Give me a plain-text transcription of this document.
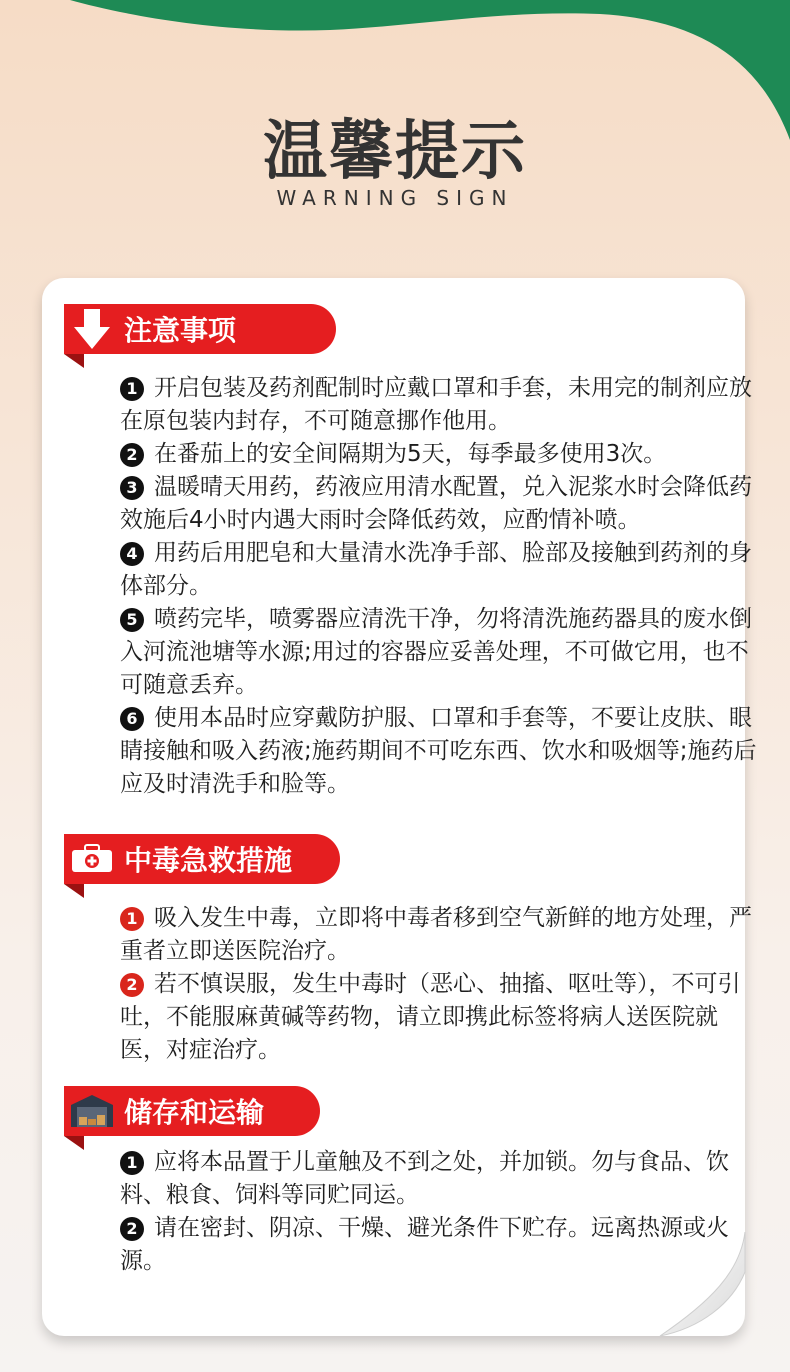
温馨提示
WARNING SIGN
注意事项

1 开启包装及药剂配制时应戴口罩和手套，未用完的制剂应放在原包装内封存，不可随意挪作他用。

2 在番茄上的安全间隔期为5天，每季最多使用3次。

3 温暖晴天用药，药液应用清水配置，兑入泥浆水时会降低药效施后4小时内遇大雨时会降低药效，应酌情补喷。

4 用药后用肥皂和大量清水洗净手部、脸部及接触到药剂的身体部分。

5 喷药完毕，喷雾器应清洗干净，勿将清洗施药器具的废水倒入河流池塘等水源;用过的容器应妥善处理，不可做它用，也不可随意丢弃。

6 使用本品时应穿戴防护服、口罩和手套等，不要让皮肤、眼睛接触和吸入药液;施药期间不可吃东西、饮水和吸烟等;施药后应及时清洗手和脸等。

中毒急救措施

1 吸入发生中毒，立即将中毒者移到空气新鲜的地方处理，严重者立即送医院治疗。

2 若不慎误服，发生中毒时（恶心、抽搐、呕吐等），不可引吐，不能服麻黄碱等药物，请立即携此标签将病人送医院就医，对症治疗。

储存和运输

1 应将本品置于儿童触及不到之处，并加锁。勿与食品、饮料、粮食、饲料等同贮同运。

2 请在密封、阴凉、干燥、避光条件下贮存。远离热源或火源。
